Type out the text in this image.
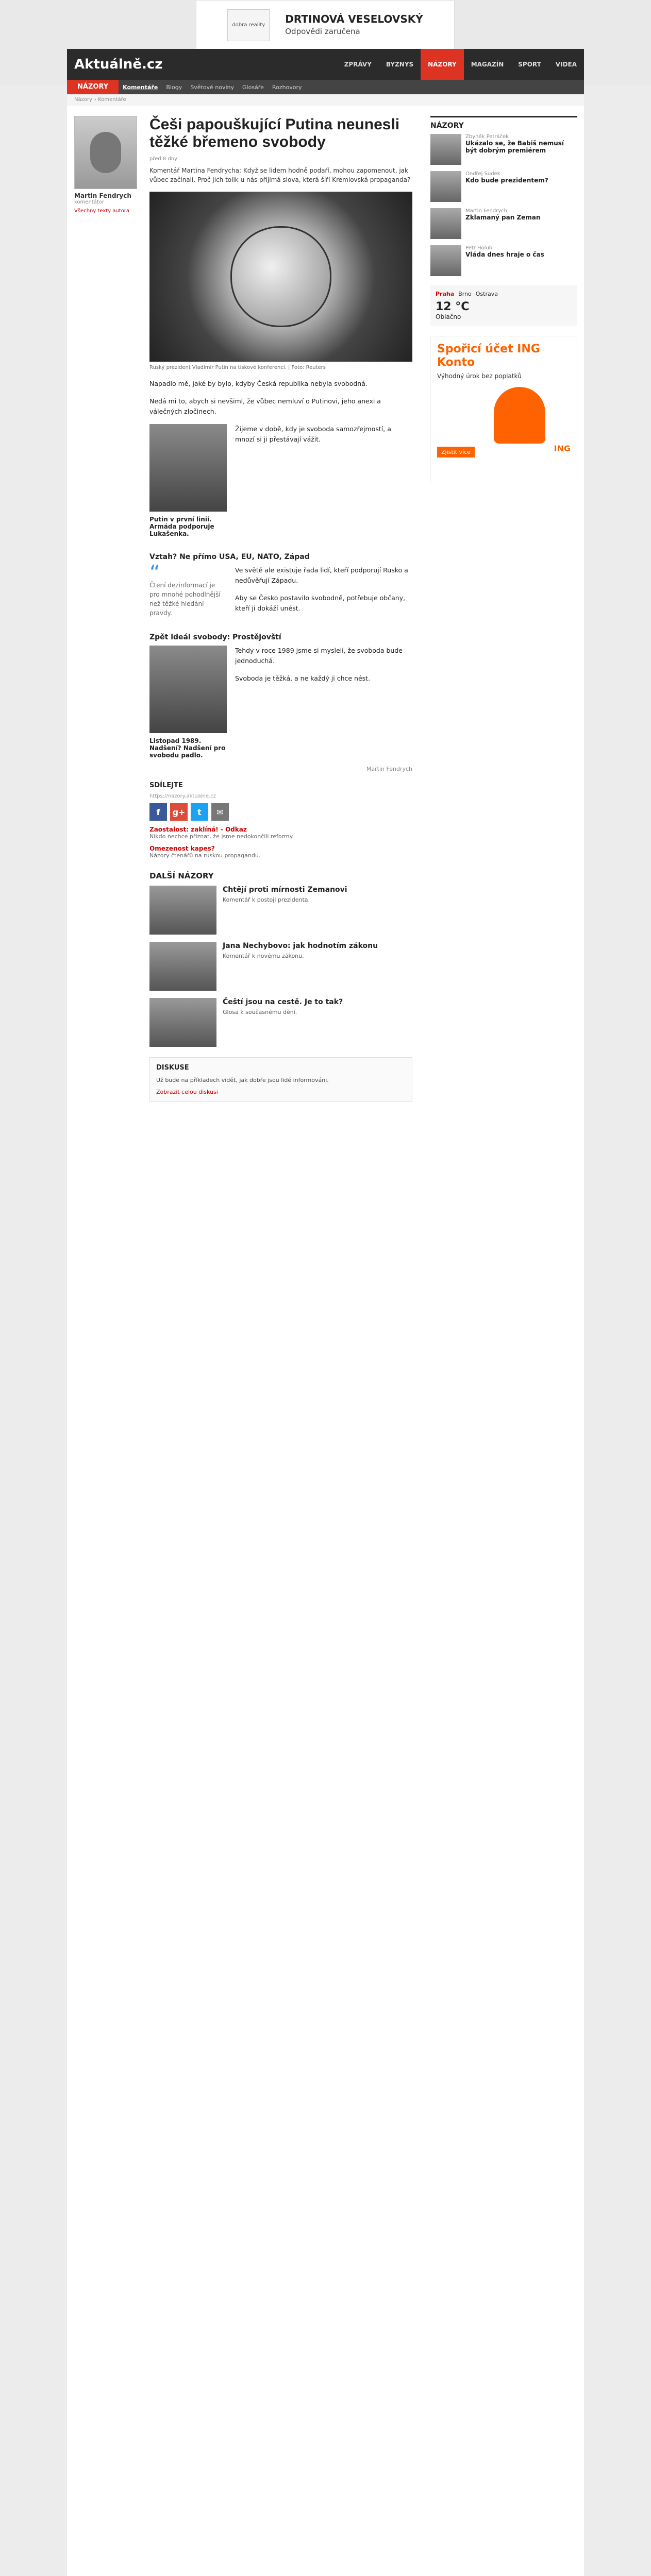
dobra reality	DRTINOVÁ VESELOVSKÝ
Odpovědi zaručena
Aktuálně.cz	ZPRÁVY	BYZNYS	NÁZORY	MAGAZÍN	SPORT	VIDEA
NÁZORY	Komentáře	Blogy	Světové noviny	Glosáře	Rozhovory
Názory › Komentáře
Martin Fendrych
komentátor
Všechny texty autora
Češi papouškující Putina neunesli těžké břemeno svobody
před 8 dny
Komentář Martina Fendrycha: Když se lidem hodně podaří, mohou zapomenout, jak vůbec začínali. Proč jich tolik u nás přijímá slova, která šíří Kremlovská propaganda?
Ruský prezident Vladimir Putin na tiskové konferenci. | Foto: Reuters

Napadlo mě, jaké by bylo, kdyby Česká republika nebyla svobodná.

Nedá mi to, abych si nevšiml, že vůbec nemluví o Putinovi, jeho anexi a válečných zločinech.

Putin v první linii. Armáda podporuje Lukašenka.

Žijeme v době, kdy je svoboda samozřejmostí, a mnozí si ji přestávají vážit.

Vztah? Ne přímo USA, EU, NATO, Západ
“
Čtení dezinformací je pro mnohé pohodlnější než těžké hledání pravdy.

Ve světě ale existuje řada lidí, kteří podporují Rusko a nedůvěřují Západu.

Aby se Česko postavilo svobodně, potřebuje občany, kteří ji dokáží unést.

Zpět ideál svobody: Prostějovští
Listopad 1989. Nadšení? Nadšení pro svobodu padlo.

Tehdy v roce 1989 jsme si mysleli, že svoboda bude jednoduchá.

Svoboda je těžká, a ne každý ji chce nést.

Martin Fendrych

SDÍLEJTE
https://nazory.aktualne.cz
f	g+	t	✉
Zaostalost: zaklíná! - Odkaz
Nikdo nechce přiznat, že jsme nedokončili reformy.
Omezenost kapes?
Názory čtenářů na ruskou propagandu.
DALŠÍ NÁZORY
Chtějí proti mírnosti Zemanovi
Komentář k postoji prezidenta.
Jana Nechybovo: jak hodnotím zákonu
Komentář k novému zákonu.
Čeští jsou na cestě. Je to tak?
Glosa k současnému dění.
DISKUSE
Už bude na příkladech vidět, jak dobře jsou lidé informováni.
Zobrazit celou diskusi
NÁZORY
Zbyněk Petráček
Ukázalo se, že Babiš nemusí být dobrým premiérem
Ondřej Sudek
Kdo bude prezidentem?
Martin Fendrych
Zklamaný pan Zeman
Petr Holub
Vláda dnes hraje o čas
Praha Brno Ostrava
12 °C
Oblačno
Spořicí účet ING Konto
Výhodný úrok bez poplatků
Zjistit více	ING
